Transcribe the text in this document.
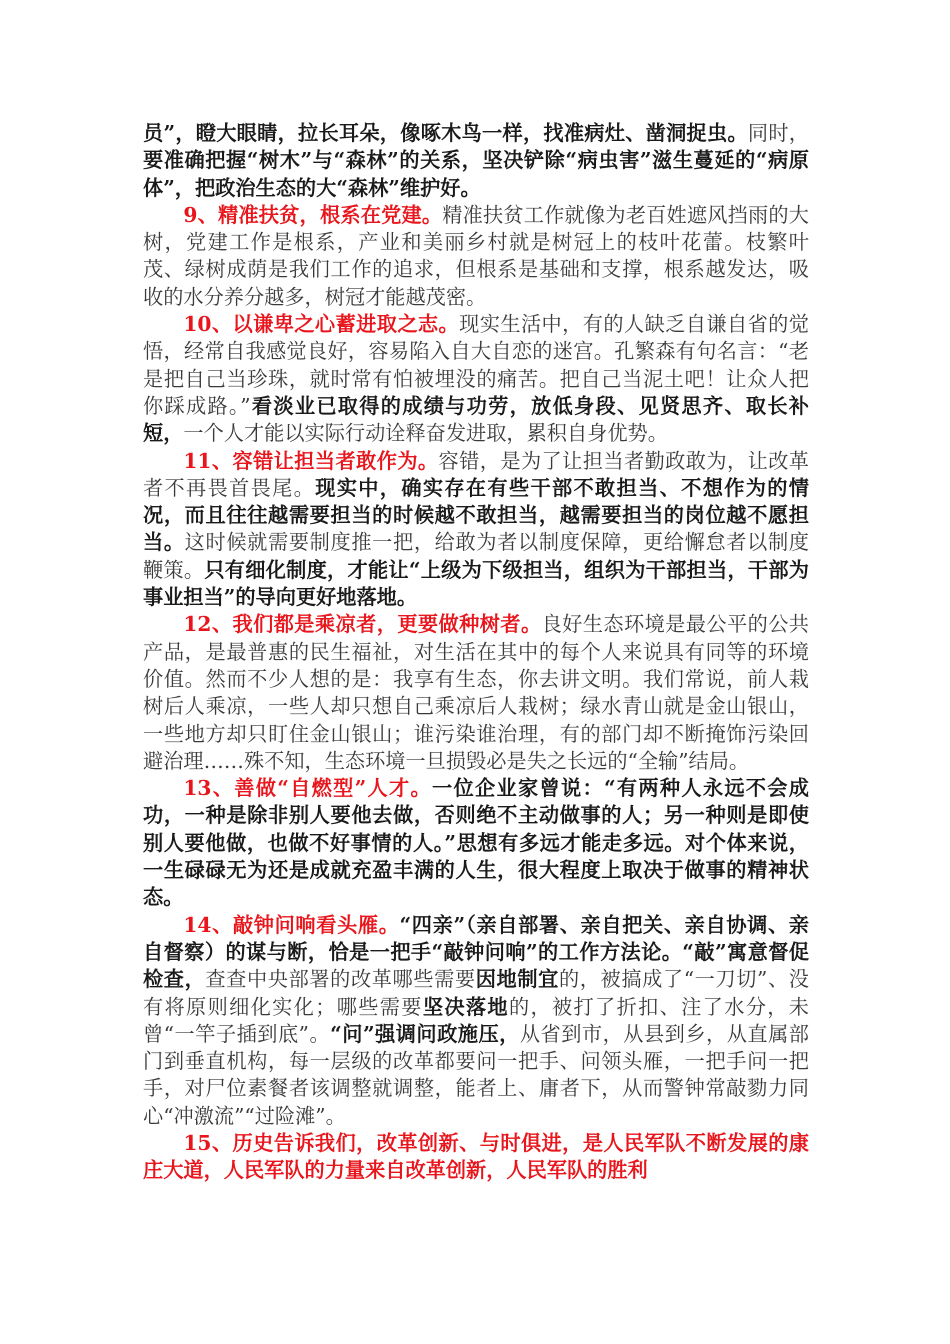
员”，瞪大眼睛，拉长耳朵，像啄木鸟一样，找准病灶、凿洞捉虫。同时，要准确把握“树木”与“森林”的关系，坚决铲除“病虫害”滋生蔓延的“病原体”，把政治生态的大“森林”维护好。

9、精准扶贫，根系在党建。精准扶贫工作就像为老百姓遮风挡雨的大树，党建工作是根系，产业和美丽乡村就是树冠上的枝叶花蕾。枝繁叶茂、绿树成荫是我们工作的追求，但根系是基础和支撑，根系越发达，吸收的水分养分越多，树冠才能越茂密。

10、以谦卑之心蓄进取之志。现实生活中，有的人缺乏自谦自省的觉悟，经常自我感觉良好，容易陷入自大自恋的迷宫。孔繁森有句名言：“老是把自己当珍珠，就时常有怕被埋没的痛苦。把自己当泥土吧！让众人把你踩成路。”看淡业已取得的成绩与功劳，放低身段、见贤思齐、取长补短，一个人才能以实际行动诠释奋发进取，累积自身优势。

11、容错让担当者敢作为。容错，是为了让担当者勤政敢为，让改革者不再畏首畏尾。现实中，确实存在有些干部不敢担当、不想作为的情况，而且往往越需要担当的时候越不敢担当，越需要担当的岗位越不愿担当。这时候就需要制度推一把，给敢为者以制度保障，更给懈怠者以制度鞭策。只有细化制度，才能让“上级为下级担当，组织为干部担当，干部为事业担当”的导向更好地落地。

12、我们都是乘凉者，更要做种树者。良好生态环境是最公平的公共产品，是最普惠的民生福祉，对生活在其中的每个人来说具有同等的环境价值。然而不少人想的是：我享有生态，你去讲文明。我们常说，前人栽树后人乘凉，一些人却只想自己乘凉后人栽树；绿水青山就是金山银山，一些地方却只盯住金山银山；谁污染谁治理，有的部门却不断掩饰污染回避治理……殊不知，生态环境一旦损毁必是失之长远的“全输”结局。

13、善做“自燃型”人才。一位企业家曾说：“有两种人永远不会成功，一种是除非别人要他去做，否则绝不主动做事的人；另一种则是即使别人要他做，也做不好事情的人。”思想有多远才能走多远。对个体来说，一生碌碌无为还是成就充盈丰满的人生，很大程度上取决于做事的精神状态。

14、敲钟问响看头雁。“四亲”（亲自部署、亲自把关、亲自协调、亲自督察）的谋与断，恰是一把手“敲钟问响”的工作方法论。“敲”寓意督促检查，查查中央部署的改革哪些需要因地制宜的，被搞成了“一刀切”、没有将原则细化实化；哪些需要坚决落地的，被打了折扣、注了水分，未曾“一竿子插到底”。“问”强调问政施压，从省到市，从县到乡，从直属部门到垂直机构，每一层级的改革都要问一把手、问领头雁，一把手问一把手，对尸位素餐者该调整就调整，能者上、庸者下，从而警钟常敲勠力同心“冲激流”“过险滩”。

15、历史告诉我们，改革创新、与时俱进，是人民军队不断发展的康庄大道，人民军队的力量来自改革创新，人民军队的胜利
